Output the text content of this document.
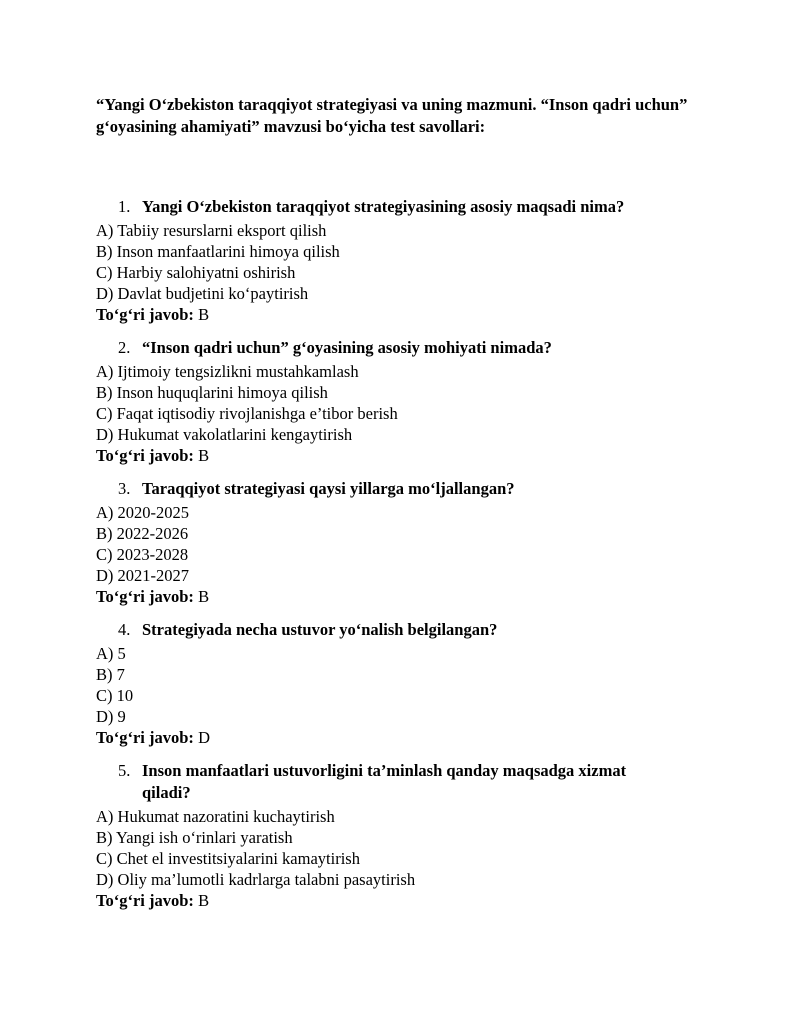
“Yangi O‘zbekiston taraqqiyot strategiyasi va uning mazmuni. “Inson qadri uchun” g‘oyasining ahamiyati” mavzusi bo‘yicha test savollari:

1. Yangi O‘zbekiston taraqqiyot strategiyasining asosiy maqsadi nima?
A) Tabiiy resurslarni eksport qilish
B) Inson manfaatlarini himoya qilish
C) Harbiy salohiyatni oshirish
D) Davlat budjetini ko‘paytirish
To‘g‘ri javob: B
2. “Inson qadri uchun” g‘oyasining asosiy mohiyati nimada?
A) Ijtimoiy tengsizlikni mustahkamlash
B) Inson huquqlarini himoya qilish
C) Faqat iqtisodiy rivojlanishga e’tibor berish
D) Hukumat vakolatlarini kengaytirish
To‘g‘ri javob: B
3. Taraqqiyot strategiyasi qaysi yillarga mo‘ljallangan?
A) 2020-2025
B) 2022-2026
C) 2023-2028
D) 2021-2027
To‘g‘ri javob: B
4. Strategiyada necha ustuvor yo‘nalish belgilangan?
A) 5
B) 7
C) 10
D) 9
To‘g‘ri javob: D
5. Inson manfaatlari ustuvorligini ta’minlash qanday maqsadga xizmat qiladi?
A) Hukumat nazoratini kuchaytirish
B) Yangi ish o‘rinlari yaratish
C) Chet el investitsiyalarini kamaytirish
D) Oliy ma’lumotli kadrlarga talabni pasaytirish
To‘g‘ri javob: B
